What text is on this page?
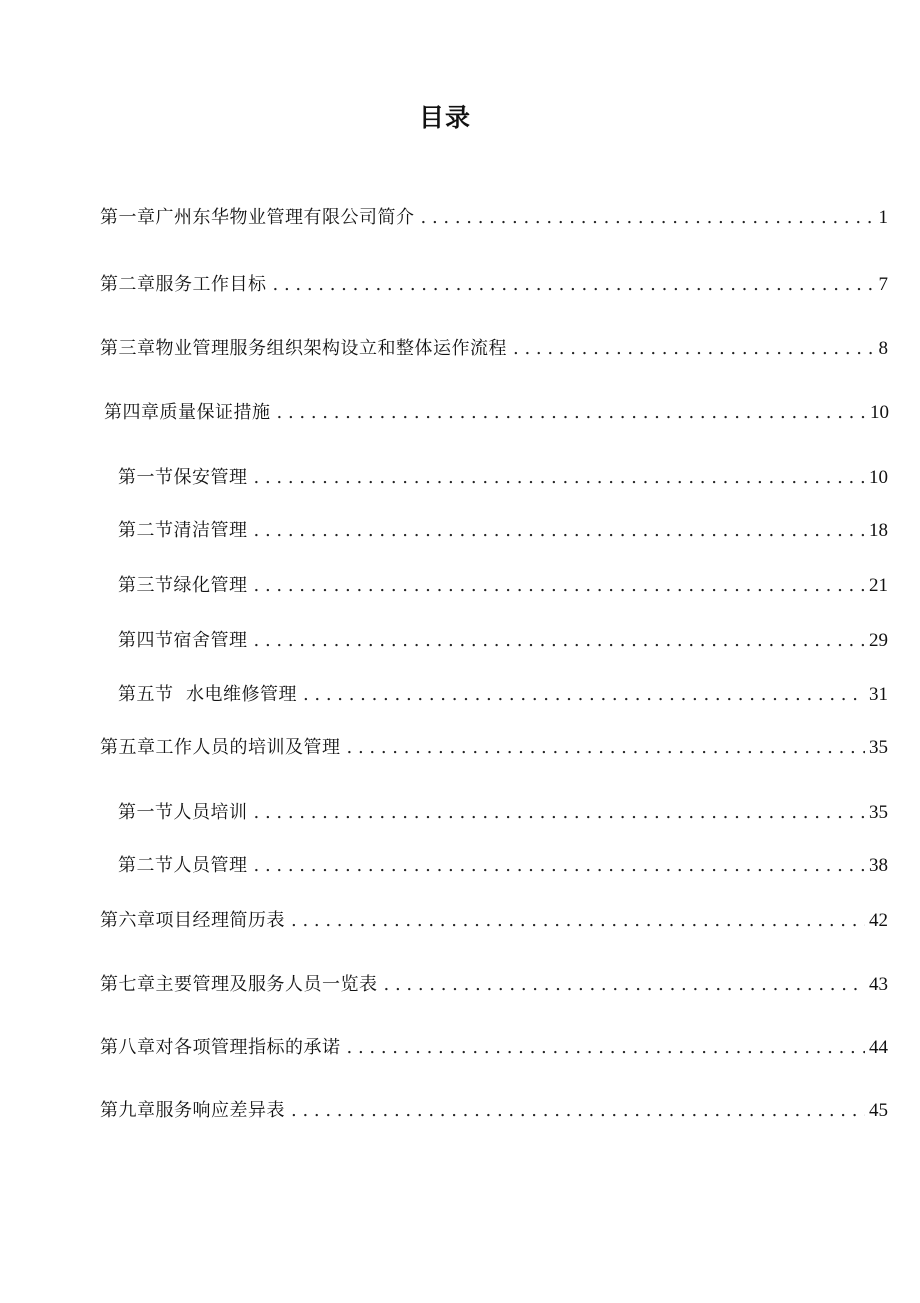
目录
第一章广州东华物业管理有限公司简介 . . .	1
第二章服务工作目标 . . .	7
第三章物业管理服务组织架构设立和整体运作流程 . . .	8
第四章质量保证措施 . . .	10
第一节保安管理 . . .	10
第二节清洁管理 . . .	18
第三节绿化管理 . . .	21
第四节宿舍管理 . . .	29
第五节  水电维修管理 . . .	31
第五章工作人员的培训及管理 . . .	35
第一节人员培训 . . .	35
第二节人员管理 . . .	38
第六章项目经理简历表 . . .	42
第七章主要管理及服务人员一览表 . . .	43
第八章对各项管理指标的承诺 . . .	44
第九章服务响应差异表 . . .	45
